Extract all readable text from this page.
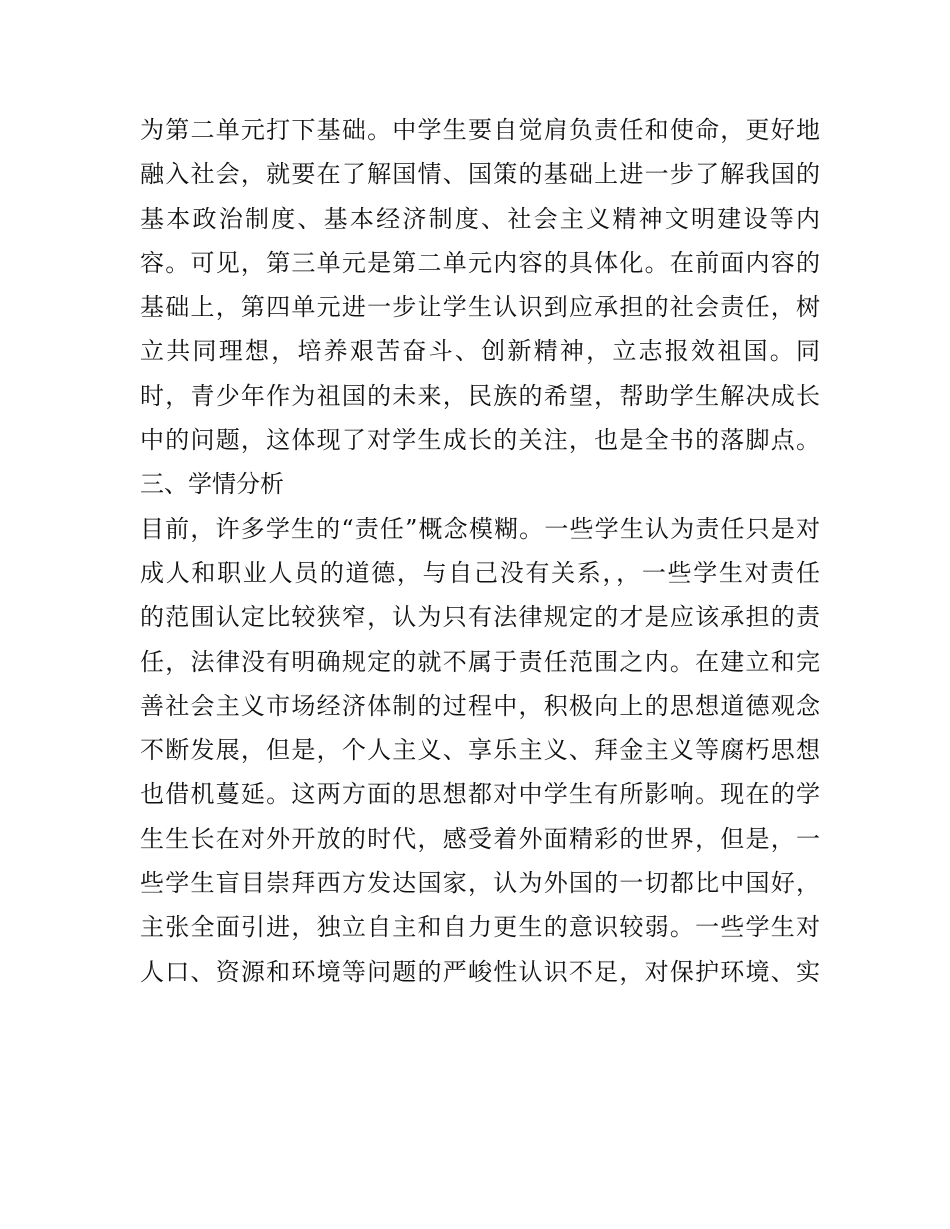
为第二单元打下基础。中学生要自觉肩负责任和使命，更好地
融入社会，就要在了解国情、国策的基础上进一步了解我国的
基本政治制度、基本经济制度、社会主义精神文明建设等内
容。可见，第三单元是第二单元内容的具体化。在前面内容的
基础上，第四单元进一步让学生认识到应承担的社会责任，树
立共同理想，培养艰苦奋斗、创新精神，立志报效祖国。同
时，青少年作为祖国的未来，民族的希望，帮助学生解决成长
中的问题，这体现了对学生成长的关注，也是全书的落脚点。
三、学情分析
目前，许多学生的“责任”概念模糊。一些学生认为责任只是对
成人和职业人员的道德，与自己没有关系，，一些学生对责任
的范围认定比较狭窄，认为只有法律规定的才是应该承担的责
任，法律没有明确规定的就不属于责任范围之内。在建立和完
善社会主义市场经济体制的过程中，积极向上的思想道德观念
不断发展，但是，个人主义、享乐主义、拜金主义等腐朽思想
也借机蔓延。这两方面的思想都对中学生有所影响。现在的学
生生长在对外开放的时代，感受着外面精彩的世界，但是，一
些学生盲目崇拜西方发达国家，认为外国的一切都比中国好，
主张全面引进，独立自主和自力更生的意识较弱。一些学生对
人口、资源和环境等问题的严峻性认识不足，对保护环境、实
